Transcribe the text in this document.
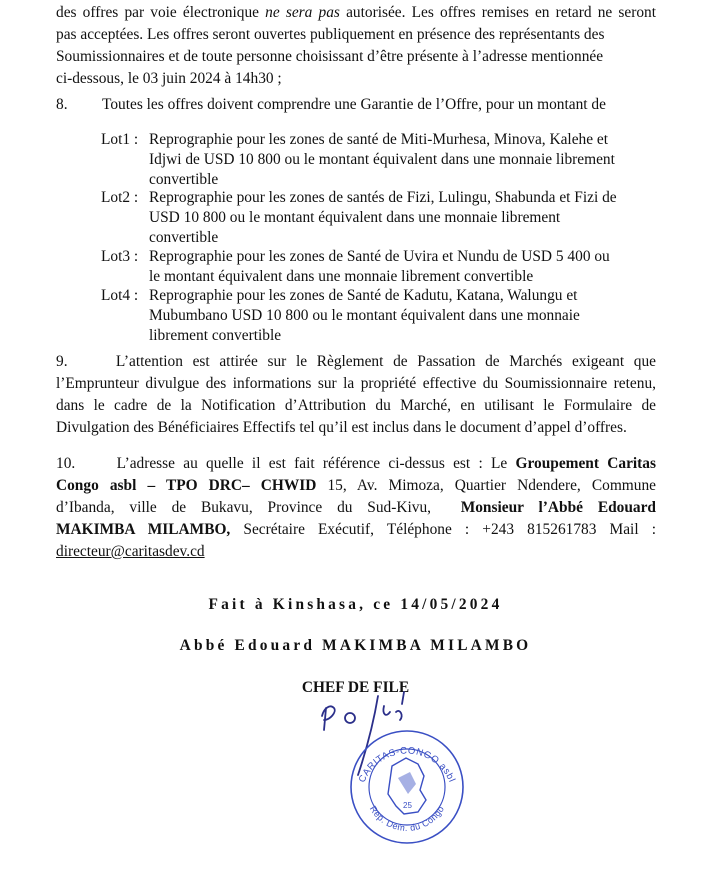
des offres par voie électronique ne sera pas autorisée. Les offres remises en retard ne seront
pas acceptées. Les offres seront ouvertes publiquement en présence des représentants des
Soumissionnaires et de toute personne choisissant d’être présente à l’adresse mentionnée
ci-dessous, le 03 juin 2024 à 14h30 ;
8. Toutes les offres doivent comprendre une Garantie de l’Offre, pour un montant de
Lot1 : Reprographie pour les zones de santé de Miti-Murhesa, Minova, Kalehe et
Idjwi de USD 10 800 ou le montant équivalent dans une monnaie librement
convertible
Lot2 : Reprographie pour les zones de santés de Fizi, Lulingu, Shabunda et Fizi de
USD 10 800 ou le montant équivalent dans une monnaie librement
convertible
Lot3 : Reprographie pour les zones de Santé de Uvira et Nundu de USD 5 400 ou
le montant équivalent dans une monnaie librement convertible
Lot4 : Reprographie pour les zones de Santé de Kadutu, Katana, Walungu et
Mubumbano USD 10 800 ou le montant équivalent dans une monnaie
librement convertible
9.     L’attention est attirée sur le Règlement de Passation de Marchés exigeant que
l’Emprunteur divulgue des informations sur la propriété effective du Soumissionnaire retenu,
dans le cadre de la Notification d’Attribution du Marché, en utilisant le Formulaire de
Divulgation des Bénéficiaires Effectifs tel qu’il est inclus dans le document d’appel d’offres.
10.     L’adresse au quelle il est fait référence ci-dessus est : Le Groupement Caritas
Congo asbl – TPO DRC– CHWID 15, Av. Mimoza, Quartier Ndendere, Commune
d’Ibanda, ville de Bukavu, Province du Sud-Kivu,  Monsieur l’Abbé Edouard
MAKIMBA MILAMBO, Secrétaire Exécutif, Téléphone : +243 815261783 Mail :
directeur@caritasdev.cd
Fait à Kinshasa, ce 14/05/2024
Abbé Edouard MAKIMBA MILAMBO
CHEF DE FILE
25
CARITAS-CONGO asbl
Rep. Dem. du Congo
